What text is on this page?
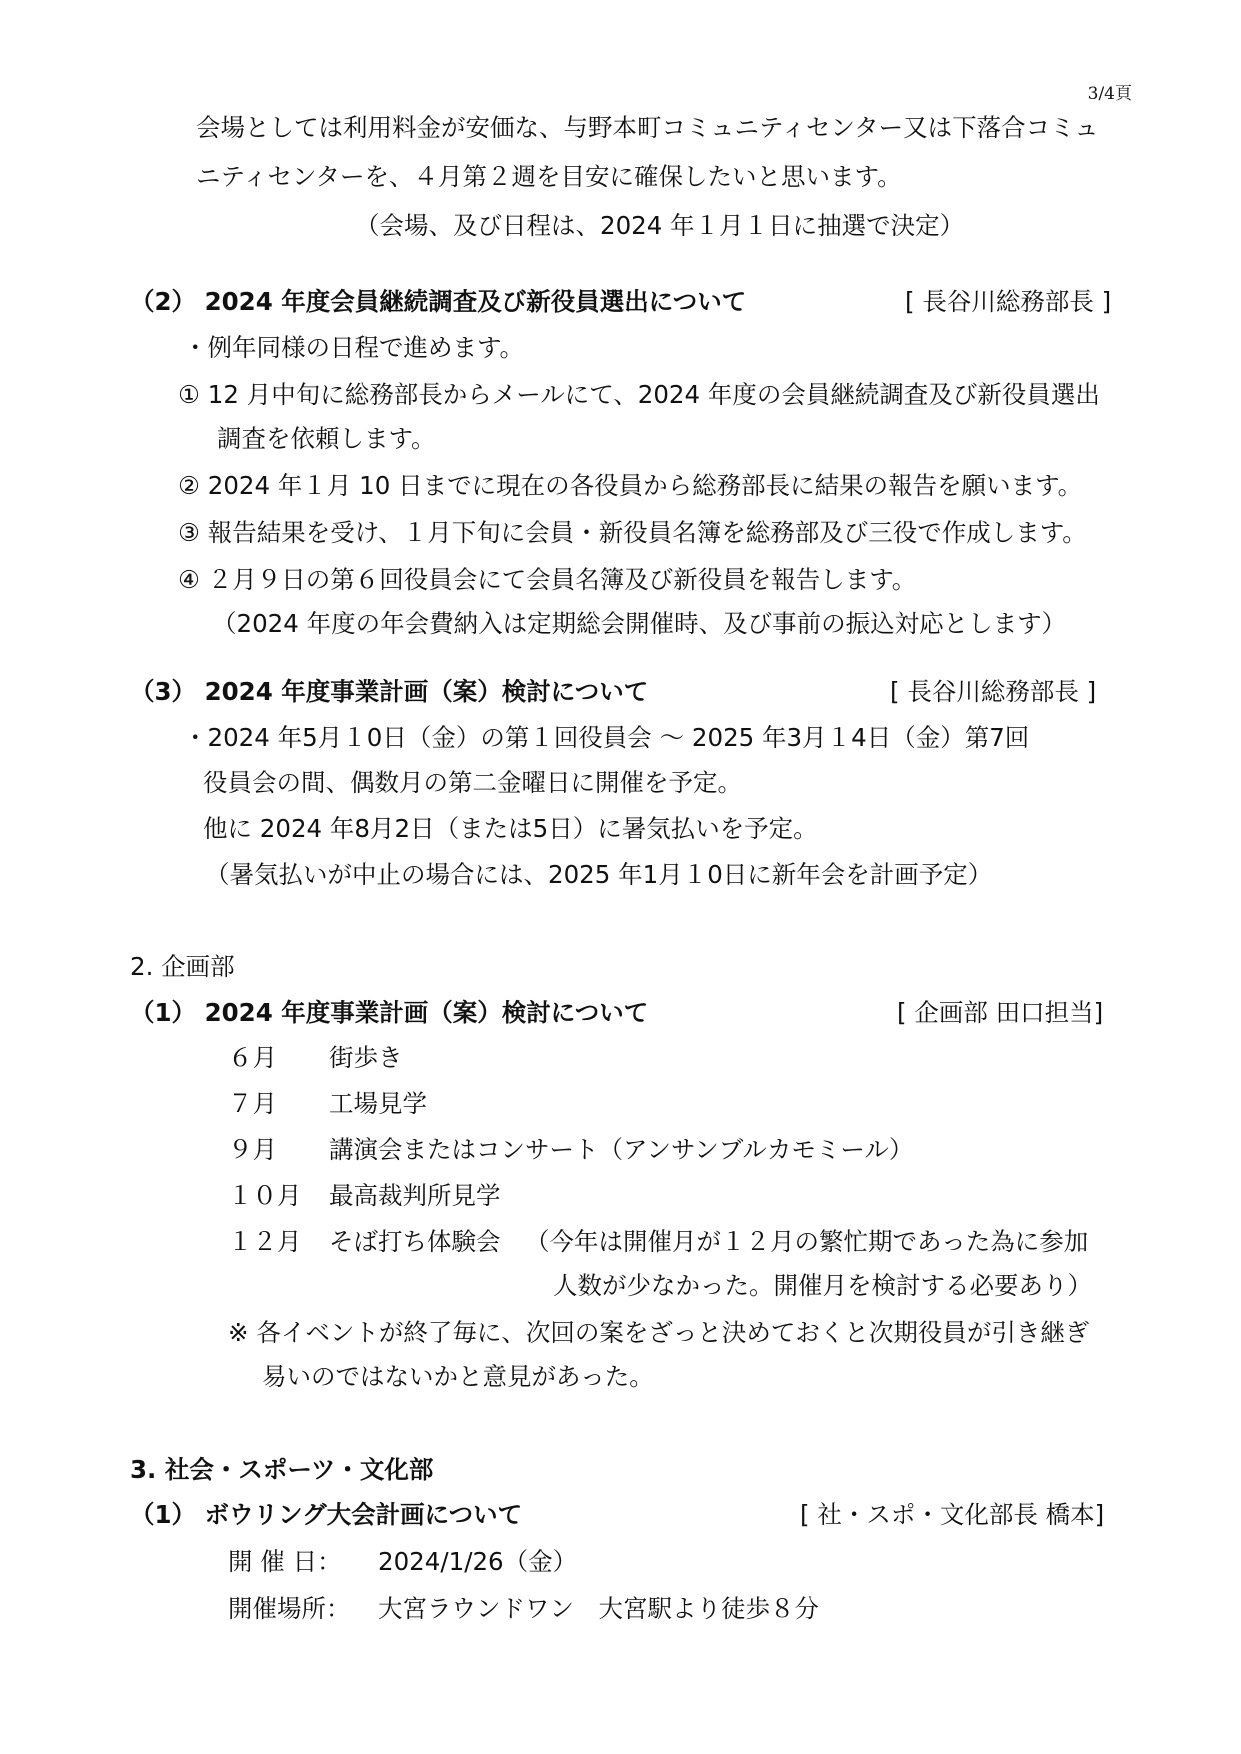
3/4頁
会場としては利用料金が安価な、与野本町コミュニティセンター又は下落合コミュ
ニティセンターを、４月第２週を目安に確保したいと思います。
（会場、及び日程は、2024 年１月１日に抽選で決定）
（2） 2024 年度会員継続調査及び新役員選出について	[ 長谷川総務部長 ]
・例年同様の日程で進めます。
① 12 月中旬に総務部長からメールにて、2024 年度の会員継続調査及び新役員選出
調査を依頼します。
② 2024 年１月 10 日までに現在の各役員から総務部長に結果の報告を願います。
③ 報告結果を受け、１月下旬に会員・新役員名簿を総務部及び三役で作成します。
④ ２月９日の第６回役員会にて会員名簿及び新役員を報告します。
（2024 年度の年会費納入は定期総会開催時、及び事前の振込対応とします）
（3） 2024 年度事業計画（案）検討について	[ 長谷川総務部長 ]
・2024 年5月１0日（金）の第１回役員会 ～ 2025 年3月１4日（金）第7回
役員会の間、偶数月の第二金曜日に開催を予定。
他に 2024 年8月2日（または5日）に暑気払いを予定。
（暑気払いが中止の場合には、2025 年1月１0日に新年会を計画予定）
2. 企画部
（1） 2024 年度事業計画（案）検討について	[ 企画部 田口担当]
６月 街歩き
７月 工場見学
９月 講演会またはコンサート（アンサンブルカモミール）
１０月 最高裁判所見学
１２月 そば打ち体験会 （今年は開催月が１２月の繁忙期であった為に参加
人数が少なかった。開催月を検討する必要あり）
※ 各イベントが終了毎に、次回の案をざっと決めておくと次期役員が引き継ぎ
易いのではないかと意見があった。
3. 社会・スポーツ・文化部
（1） ボウリング大会計画について	[ 社・スポ・文化部長 橋本]
開 催 日： 2024/1/26（金）
開催場所： 大宮ラウンドワン　大宮駅より徒歩８分
